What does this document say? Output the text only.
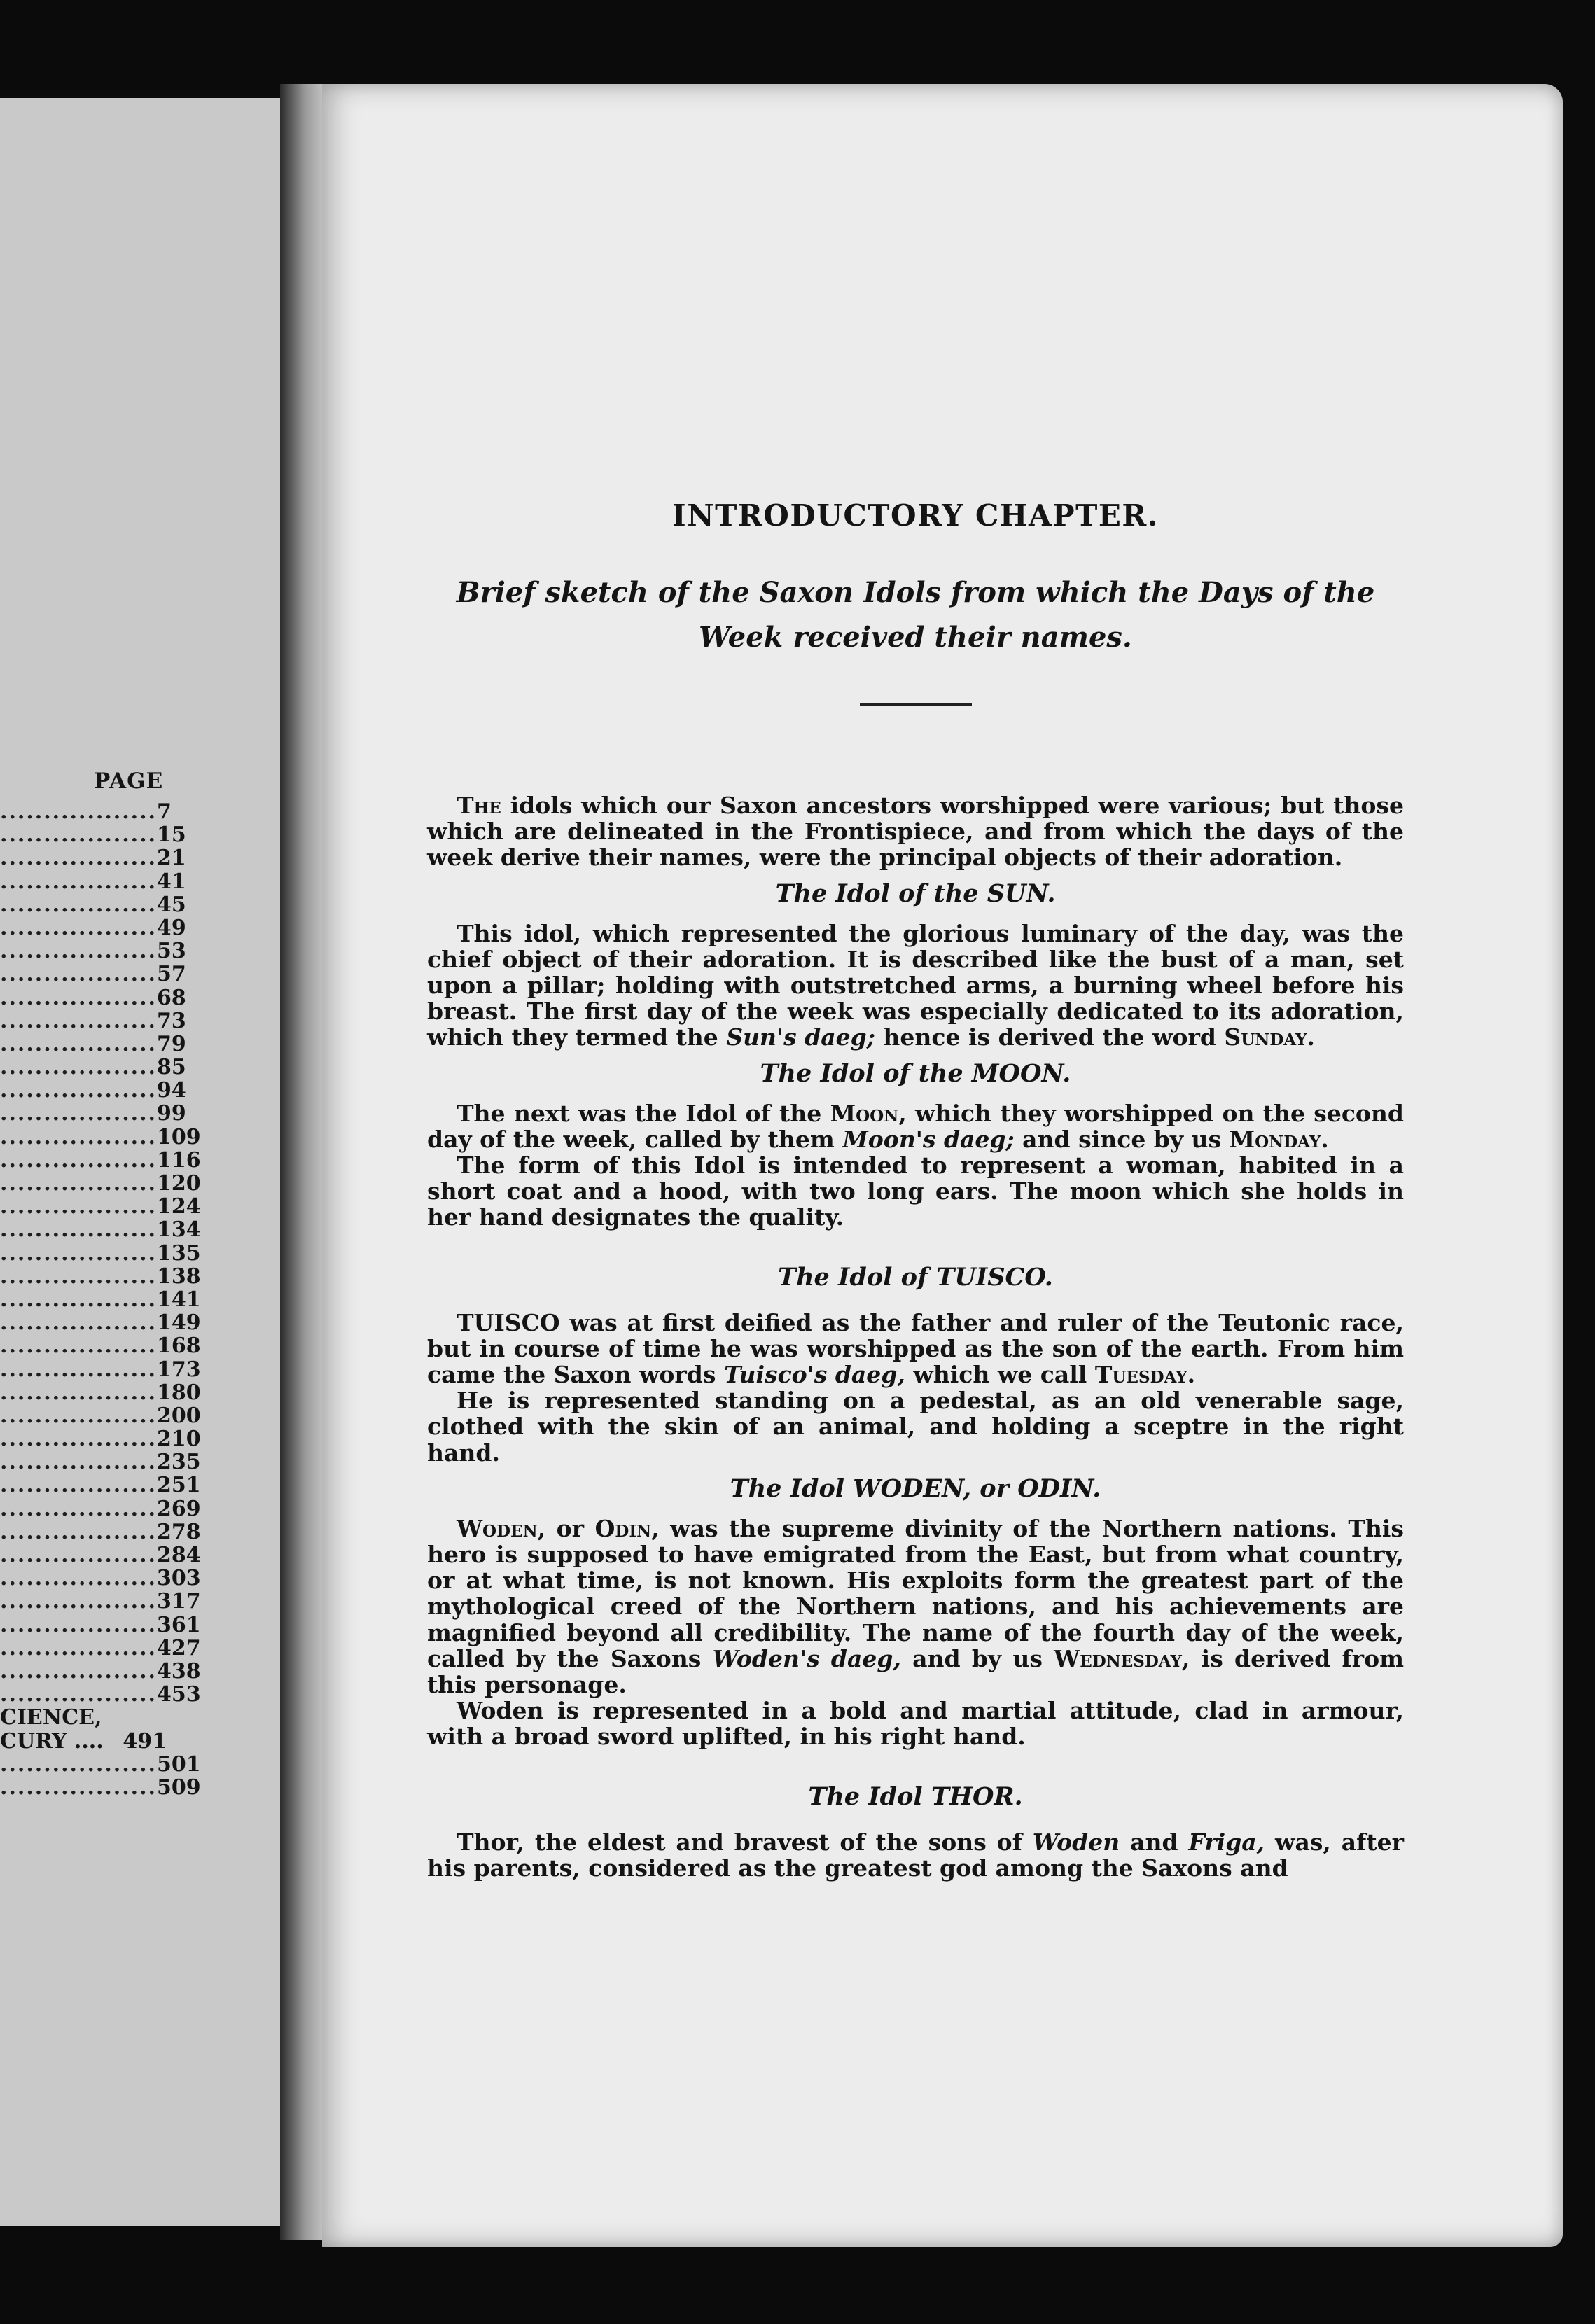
PAGE
.................. 7
.................. 15
.................. 21
.................. 41
.................. 45
.................. 49
.................. 53
.................. 57
.................. 68
.................. 73
.................. 79
.................. 85
.................. 94
.................. 99
.................. 109
.................. 116
.................. 120
.................. 124
.................. 134
.................. 135
.................. 138
.................. 141
.................. 149
.................. 168
.................. 173
.................. 180
.................. 200
.................. 210
.................. 235
.................. 251
.................. 269
.................. 278
.................. 284
.................. 303
.................. 317
.................. 361
.................. 427
.................. 438
.................. 453
CIENCE,
CURY .... 491
.................. 501
.................. 509
INTRODUCTORY CHAPTER.

Brief sketch of the Saxon Idols from which the Days of the
Week received their names.

The idols which our Saxon ancestors worshipped were various; but those which are delineated in the Frontispiece, and from which the days of the week derive their names, were the principal objects of their adoration.

The Idol of the SUN.

This idol, which represented the glorious luminary of the day, was the chief object of their adoration. It is described like the bust of a man, set upon a pillar; holding with outstretched arms, a burning wheel before his breast. The first day of the week was especially dedicated to its adoration, which they termed the Sun's daeg; hence is derived the word Sunday.

The Idol of the MOON.

The next was the Idol of the Moon, which they worshipped on the second day of the week, called by them Moon's daeg; and since by us Monday.

The form of this Idol is intended to represent a woman, habited in a short coat and a hood, with two long ears. The moon which she holds in her hand designates the quality.

The Idol of TUISCO.

TUISCO was at first deified as the father and ruler of the Teutonic race, but in course of time he was worshipped as the son of the earth. From him came the Saxon words Tuisco's daeg, which we call Tuesday.

He is represented standing on a pedestal, as an old venerable sage, clothed with the skin of an animal, and holding a sceptre in the right hand.

The Idol WODEN, or ODIN.

Woden, or Odin, was the supreme divinity of the Northern nations. This hero is supposed to have emigrated from the East, but from what country, or at what time, is not known. His exploits form the greatest part of the mythological creed of the Northern nations, and his achievements are magnified beyond all credibility. The name of the fourth day of the week, called by the Saxons Woden's daeg, and by us Wednesday, is derived from this personage.

Woden is represented in a bold and martial attitude, clad in armour, with a broad sword uplifted, in his right hand.

The Idol THOR.

Thor, the eldest and bravest of the sons of Woden and Friga, was, after his parents, considered as the greatest god among the Saxons and
